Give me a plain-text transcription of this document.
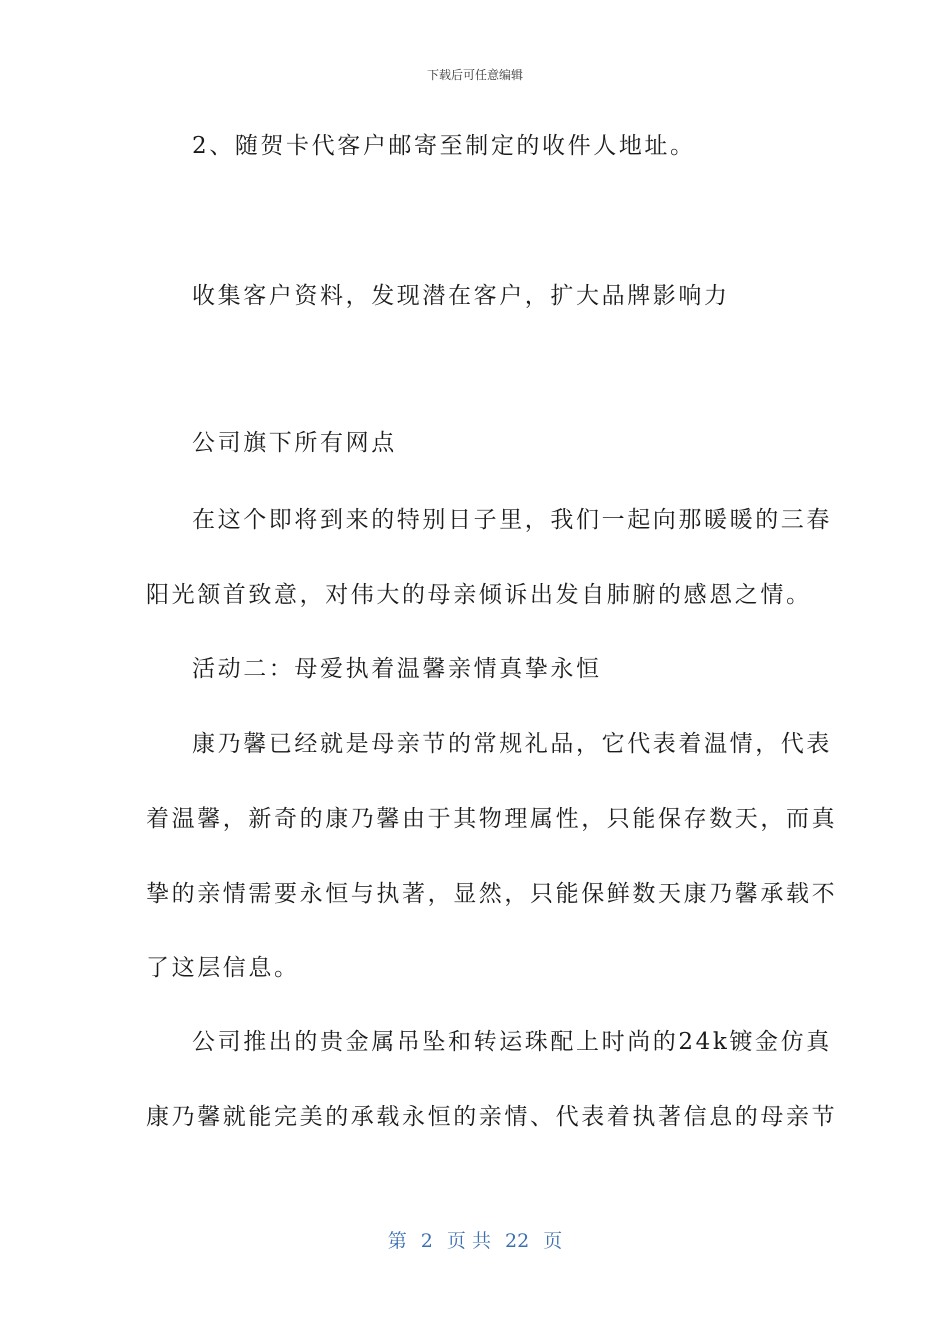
下载后可任意编辑
2、随贺卡代客户邮寄至制定的收件人地址。
收集客户资料，发现潜在客户，扩大品牌影响力
公司旗下所有网点
在这个即将到来的特别日子里，我们一起向那暖暖的三春
阳光颔首致意，对伟大的母亲倾诉出发自肺腑的感恩之情。
活动二：母爱执着温馨亲情真挚永恒
康乃馨已经就是母亲节的常规礼品，它代表着温情，代表
着温馨，新奇的康乃馨由于其物理属性，只能保存数天，而真
挚的亲情需要永恒与执著，显然，只能保鲜数天康乃馨承载不
了这层信息。
公司推出的贵金属吊坠和转运珠配上时尚的24k镀金仿真
康乃馨就能完美的承载永恒的亲情、代表着执著信息的母亲节
第 2 页 共 22 页
